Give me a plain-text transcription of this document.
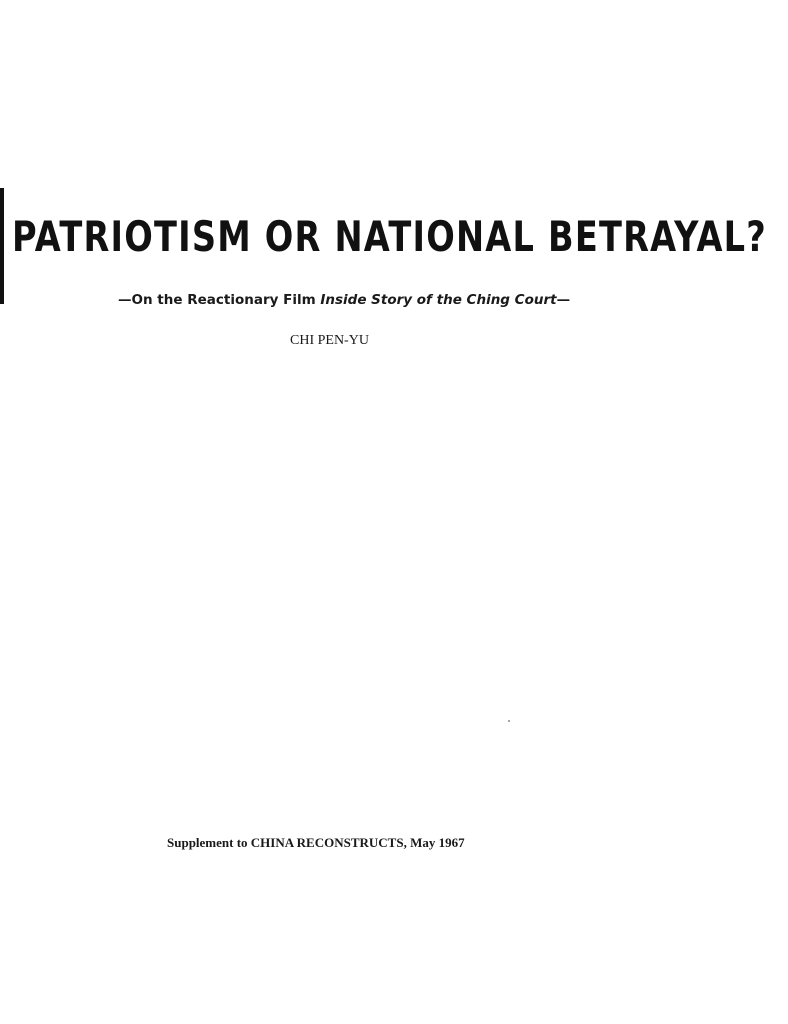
PATRIOTISM OR NATIONAL BETRAYAL?
—On the Reactionary Film Inside Story of the Ching Court—
CHI PEN-YU
Supplement to CHINA RECONSTRUCTS, May 1967
